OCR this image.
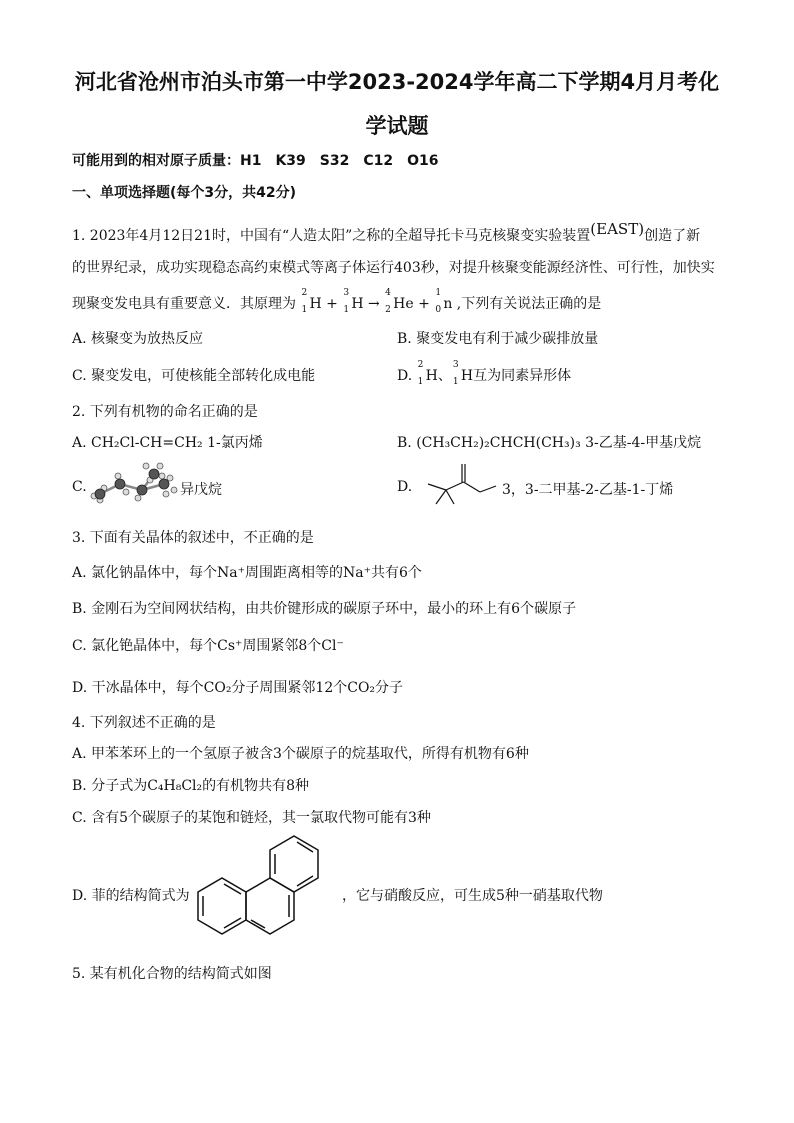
河北省沧州市泊头市第一中学2023-2024学年高二下学期4月月考化
学试题
可能用到的相对原子质量：H1　K39　S32　C12　O16
一、单项选择题(每个3分，共42分)
1. 2023年4月12日21时，中国有“人造太阳”之称的全超导托卡马克核聚变实验装置(EAST)创造了新
的世界纪录，成功实现稳态高约束模式等离子体运行403秒，对提升核聚变能源经济性、可行性，加快实
现聚变发电具有重要意义．其原理为
2
1 H +
3
1 H →
4
2 He +
1
0 n ,下列有关说法正确的是
A. 核聚变为放热反应	B. 聚变发电有利于减少碳排放量
C. 聚变发电，可使核能全部转化成电能	D.
2
1 H、
3
1 H互为同素异形体
2. 下列有机物的命名正确的是
A. CH₂Cl-CH=CH₂ 1-氯丙烯	B. (CH₃CH₂)₂CHCH(CH₃)₃ 3-乙基-4-甲基戊烷
C.	异戊烷	D.	3，3-二甲基-2-乙基-1-丁烯
3. 下面有关晶体的叙述中，不正确的是
A. 氯化钠晶体中，每个Na⁺周围距离相等的Na⁺共有6个
B. 金刚石为空间网状结构，由共价键形成的碳原子环中，最小的环上有6个碳原子
C. 氯化铯晶体中，每个Cs⁺周围紧邻8个Cl⁻
D. 干冰晶体中，每个CO₂分子周围紧邻12个CO₂分子
4. 下列叙述不正确的是
A. 甲苯苯环上的一个氢原子被含3个碳原子的烷基取代，所得有机物有6种
B. 分子式为C₄H₈Cl₂的有机物共有8种
C. 含有5个碳原子的某饱和链烃，其一氯取代物可能有3种
D. 菲的结构简式为	，它与硝酸反应，可生成5种一硝基取代物
5. 某有机化合物的结构简式如图
